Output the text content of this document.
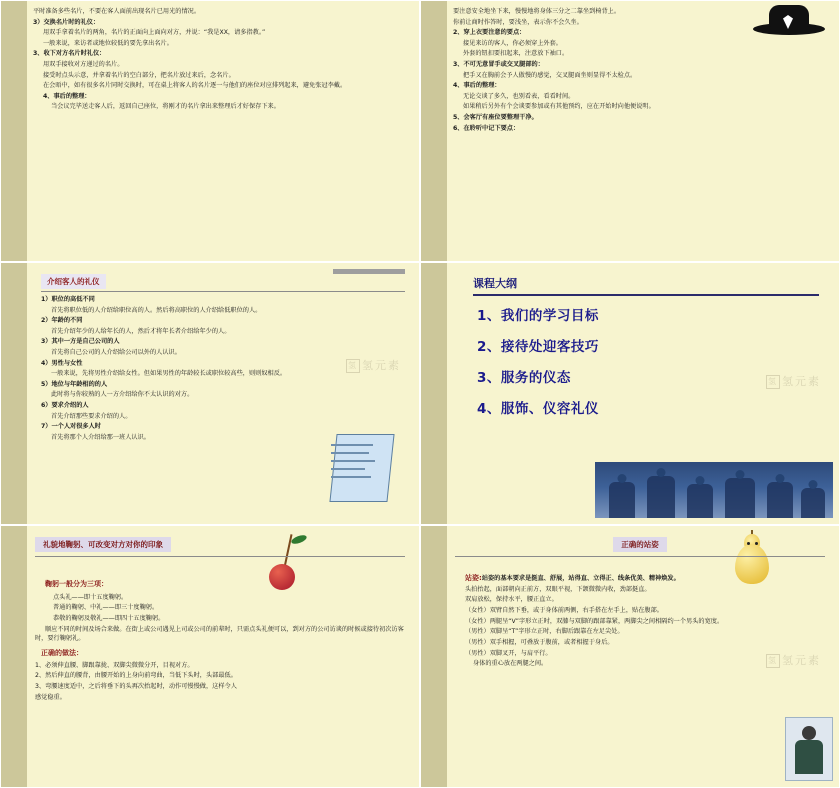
平时准备多些名片，不要在客人面前出现名片已用光的情况。

3）交换名片时的礼仪：

用双手拿着名片的两角，名片的正面向上面向对方，并说：“我是XX，请多指教。”

一般来说，来访者或地位较低的要先拿出名片。

3、收下对方名片时礼仪：

用双手接收对方递过的名片。

接受时点头示意，并拿着名片的空白部分，把名片放过来后，念名片。

在会晤中，如有很多名片同时交换时，可在桌上将客人的名片逐一与他们的座位对应排列起来，避免张冠李戴。

4、事后的整理：

当会议完毕送走客人后，返回自己座位，将刚才的名片拿出来整理后才好保存下来。

要注意安全地坐下来，慢慢地将身体三分之二靠坐到椅背上。

你前让商时作答时，要浅坐，表示你不会久坐。

2、穿上衣要注意的要点：

接见来访的客人，你必须穿上外套。

外套的钮扣要扣起来，注意放下袖口。

3、不可无意冒手或交叉腿部的：

把手又在胸前会予人傲慢的感觉，交叉腿面坐则显得不太检点。

4、事后的整理：

无论交谈了多久，也别看表，看看时间。

如果稍后另外有个会谈要参加或有其他预约，应在开始时向他便说明。

5、会客厅有座位要整理干净。

6、在聆听中记下要点：

介绍客人的礼仪

1）职位的高低不同

首先将职位低的人介绍给职位高的人。然后将高职位的人介绍给低职位的人。

2）年龄的不同

首先介绍年少的人给年长的人，然后才将年长者介绍给年少的人。

3）其中一方是自己公司的人

首先将自己公司的人介绍给公司以外的人认识。

4）男性与女性

一般来说，先将男性介绍给女性。但如果男性的年龄较长或职位较高些，则则奴相反。

5）地位与年龄相的的人

此时将与你较熟的人一方介绍给你不太认识的对方。

6）要求介绍的人

首先介绍那些要求介绍的人。

7）一个人对很多人时

首先将那个人介绍给那一班人认识。

氢 氢元素
课程大纲
1、我们的学习目标
2、接待处迎客技巧
3、服务的仪态
4、服饰、仪容礼仪
氢 氢元素
礼貌地鞠躬、可改变对方对你的印象

鞠躬一般分为三项：

点头礼——即十五度鞠躬。

普通的鞠躬、中礼——即三十度鞠躬。

恭敬的鞠躬及敬礼——即四十五度鞠躬。

顺应不同的时间及场合来做。在街上或公司遇见上司或公司的前辈时，只需点头礼便可以，到对方的公司访谈的时候或接待初次访客时，要行鞠躬礼。

正确的做法：

1、必须伸直腰、脚跟靠拢、双脚尖微微分开，目视对方。

2、然后伸直的腰背，由腰开始的上身向前弯曲，当低下头时，头部最低。

3、弯腰速度适中，之后将垂下的头再次抬起时，动作可慢慢做，这样令人

感觉稳重。

正确的站姿

站姿:站姿的基本要求是挺直、舒展，站得直、立得正、线条优美、精神焕发。

头拍抬起，面部朝向正前方，双眼平视，下颌微微内收，劲部挺直。

双肩放松，保持水平，腰正直立。

（女性）双臂自然下垂，或于身体前两侧，右手搭在左手上，贴在腹部。

（女性）两腿呈“V”字形立正时，双膝与双脚的跟部靠紧，两脚尖之间相隔约一个男头的宽度。

（男性）双脚呈“T”字形立正时，右脚后跟靠在左足尖处。

（男性）双手相握，可叠放于腹前，或者相握于身后。

（男性）双脚叉开，与肩平行。

身体的重心放在两腿之间。	氢 氢元素
